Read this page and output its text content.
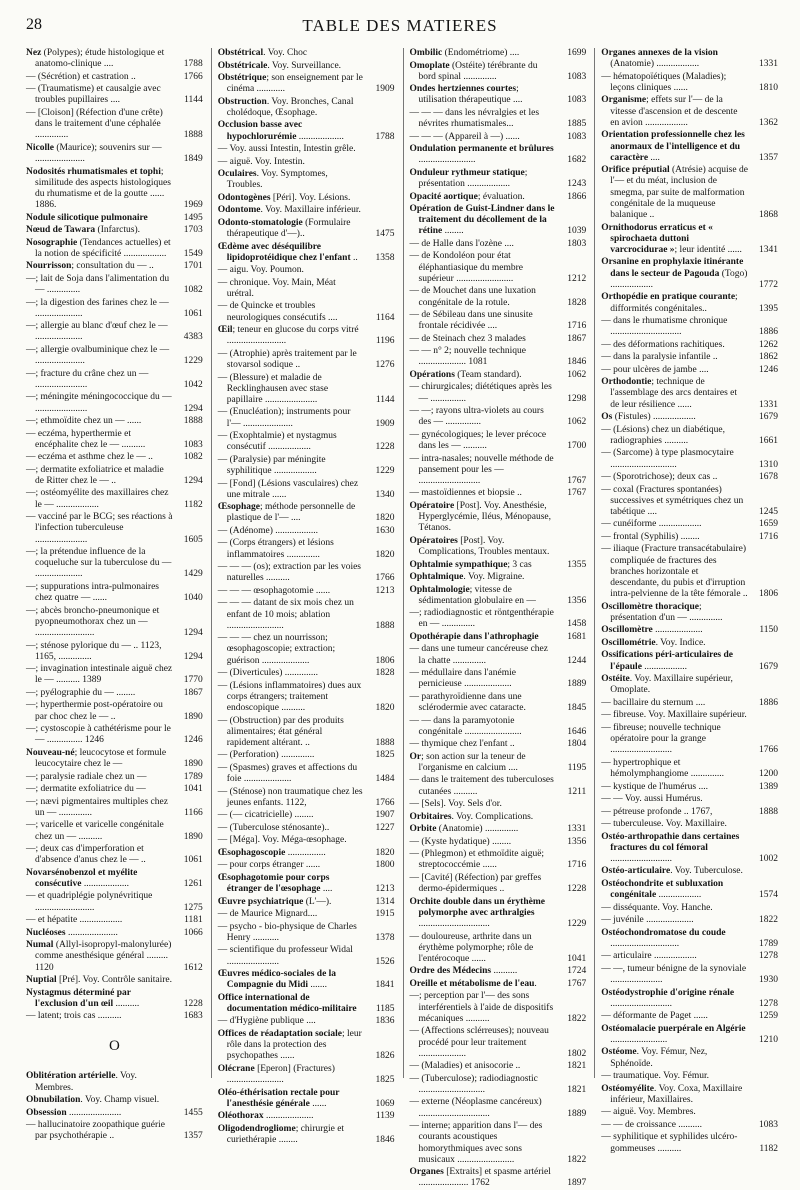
28	TABLE DES MATIERES
Nez (Polypes); étude histologique et anatomo-clinique ....	1788
— (Sécrétion) et castration ..	1766
— (Traumatisme) et causalgie avec troubles pupillaires ....	1144
— [Cloison] (Réfection d'une crête) dans le traitement d'une céphalée ..............	1888
Nicolle (Maurice); souvenirs sur — .....................	1849
Nodosités rhumatismales et tophi; similitude des aspects histologiques du rhumatisme et de la goutte ...... 1886.	1969
Nodule silicotique pulmonaire	1495
Nœud de Tawara (Infarctus).	1703
Nosographie (Tendances actuelles) et la notion de spécificité ..................	1549
Nourrisson; consultation du — ..	1701
—; lait de Soja dans l'alimentation du — ..............	1082
—; la digestion des farines chez le — ....................	1061
—; allergie au blanc d'œuf chez le — ....................	4383
—; allergie ovalbuminique chez le — .....................	1229
—; fracture du crâne chez un — ......................	1042
—; méningite méningococcique du — ......................	1294
—; ethmoïdite chez un — ......	1888
— eczéma, hyperthermie et encéphalite chez le — ..........	1083
— eczéma et asthme chez le — ..	1082
—; dermatite exfoliatrice et maladie de Ritter chez le — ..	1294
—; ostéomyélite des maxillaires chez le — ..................	1182
— vacciné par le BCG; ses réactions à l'infection tuberculeuse ......................	1605
—; la prétendue influence de la coqueluche sur la tuberculose du — ....................	1429
—; suppurations intra-pulmonaires chez quatre — ......	1040
—; abcès broncho-pneumonique et pyopneumothorax chez un — .........................	1294
—; sténose pylorique du — .. 1123, 1165, ..............	1294
—; invagination intestinale aiguë chez le — .......... 1389	1770
—; pyélographie du — ........	1867
—; hyperthermie post-opératoire ou par choc chez le — ..	1890
—; cystoscopie à cathétérisme pour le — ............... 1246	1246
Nouveau-né; leucocytose et formule leucocytaire chez le —	1890
—; paralysie radiale chez un —	1789
—; dermatite exfoliatrice du —	1041
—; nævi pigmentaires multiples chez un — ..............	1166
—; varicelle et varicelle congénitale chez un — ..........	1890
—; deux cas d'imperforation et d'absence d'anus chez le — ..	1061
Novarsénobenzol et myélite consécutive ...................	1261
— et quadriplégie polynévritique .........................	1275
— et hépatite ..................	1181
Nucléoses .....................	1066
Numal (Allyl-isopropyl-malonylurée) comme anesthésique général ......... 1120	1612
Nuptial [Pré]. Voy. Contrôle sanitaire.
Nystagmus déterminé par l'exclusion d'un œil ..........	1228
— latent; trois cas ..........	1683
O
Oblitération artérielle. Voy. Membres.
Obnubilation. Voy. Champ visuel.
Obsession ......................	1455
— hallucinatoire zoopathique guérie par psychothérapie ..	1357
Obstétrical. Voy. Choc
Obstétricale. Voy. Surveillance.
Obstétrique; son enseignement par le cinéma ............	1909
Obstruction. Voy. Bronches, Canal cholédoque, Œsophage.
Occlusion basse avec hypochlorurémie ...................	1788
— Voy. aussi Intestin, Intestin grêle.
— aiguë. Voy. Intestin.
Oculaires. Voy. Symptomes, Troubles.
Odontogènes [Péri]. Voy. Lésions.
Odontome. Voy. Maxillaire inférieur.
Odonto-stomatologie (Formulaire thérapeutique d'—)..	1475
Œdème avec déséquilibre lipidoprotéidique chez l'enfant ..	1358
— aigu. Voy. Poumon.
— chronique. Voy. Main, Méat urétral.
— de Quincke et troubles neurologiques consécutifs ....	1164
Œil; teneur en glucose du corps vitré .........................	1196
— (Atrophie) après traitement par le stovarsol sodique ..	1276
— (Blessure) et maladie de Recklinghausen avec stase papillaire ......................	1144
— (Enucléation); instruments pour l'— .....................	1909
— (Exophtalmie) et nystagmus consécutif ..................	1228
— (Paralysie) par méningite syphilitique ..................	1229
— [Fond] (Lésions vasculaires) chez une mitrale ......	1340
Œsophage; méthode personnelle de plastique de l'— ....	1820
— (Adénome) ..................	1630
— (Corps étrangers) et lésions inflammatoires ..............	1820
— — — (os); extraction par les voies naturelles ..........	1766
— — — œsophagotomie ......	1213
— — — datant de six mois chez un enfant de 10 mois; ablation ........................	1888
— — — chez un nourrisson; œsophagoscopie; extraction; guérison ....................	1806
— (Diverticules) ..............	1828
— (Lésions inflammatoires) dues aux corps étrangers; traitement endoscopique ..........	1820
— (Obstruction) par des produits alimentaires; état général rapidement altérant. ..	1888
— (Perforation) ..............	1825
— (Spasmes) graves et affections du foie ....................	1484
— (Sténose) non traumatique chez les jeunes enfants. 1122,	1766
— (— cicatricielle) ........	1907
— (Tuberculose sténosante)..	1227
— [Méga]. Voy. Méga-œsophage.
Œsophagoscopie ................	1820
— pour corps étranger ......	1800
Œsophagotomie pour corps étranger de l'œsophage ....	1213
Œuvre psychiatrique (L'—).	1314
— de Maurice Mignard....	1915
— psycho - bio-physique de Charles Henry ...........	1378
— scientifique du professeur Widal ......................	1526
Œuvres médico-sociales de la Compagnie du Midi .......	1841
Office international de documentation médico-militaire	1185
— d'Hygiène publique ....	1836
Offices de réadaptation sociale; leur rôle dans la protection des psychopathes ......	1826
Olécrane [Eperon] (Fractures) ........................	1825
Oléo-éthérisation rectale pour l'anesthésie générale ......	1069
Oléothorax ....................	1139
Oligodendrogliome; chirurgie et curiethérapie ........	1846
Ombilic (Endométriome) ....	1699
Omoplate (Ostéite) térébrante du bord spinal ..............	1083
Ondes hertziennes courtes; utilisation thérapeutique ....	1083
— — — dans les névralgies et les névrites rhumatismales...	1885
— — — (Appareil à —) ......	1083
Ondulation permanente et brûlures ........................	1682
Onduleur rythmeur statique; présentation ..................	1243
Opacité aortique; évaluation.	1866
Opération de Guist-Lindner dans le traitement du décollement de la rétine ........	1039
— de Halle dans l'ozène ....	1803
— de Kondoléon pour état éléphantiasique du membre supérieur ........................	1212
— de Mouchet dans une luxation congénitale de la rotule.	1828
— de Sébileau dans une sinusite frontale récidivée ....	1716
— de Steinach chez 3 malades	1867
— — n° 2; nouvelle technique .................... 1081	1846
Opérations (Team standard).	1062
— chirurgicales; diététiques après les — ...............	1298
— —; rayons ultra-violets au cours des — ...............	1062
— gynécologiques; le lever précoce dans les — ..........	1700
— intra-nasales; nouvelle méthode de pansement pour les — ..........................	1767
— mastoïdiennes et biopsie ..	1767
Opératoire [Post]. Voy. Anesthésie, Hyperglycémie, Iléus, Ménopause, Tétanos.
Opératoires [Post]. Voy. Complications, Troubles mentaux.
Ophtalmie sympathique; 3 cas	1355
Ophtalmique. Voy. Migraine.
Ophtalmologie; vitesse de sédimentation globulaire en —	1356
—; radiodiagnostic et röntgenthérapie en — ..............	1458
Opothérapie dans l'athrophagie	1681
— dans une tumeur cancéreuse chez la chatte ..............	1244
— médullaire dans l'anémie pernicieuse ....................	1889
— parathyroïdienne dans une sclérodermie avec cataracte.	1845
— — dans la paramyotonie congénitale ........................	1646
— thymique chez l'enfant ..	1804
Or; son action sur la teneur de l'organisme en calcium ....	1195
— dans le traitement des tuberculoses cutanées ..........	1211
— [Sels]. Voy. Sels d'or.
Orbitaires. Voy. Complications.
Orbite (Anatomie) ..............	1331
— (Kyste hydatique) ........	1356
— (Phlegmon) et ethmoïdite aiguë; streptococcémie ......	1716
— [Cavité] (Réfection) par greffes dermo-épidermiques ..	1228
Orchite double dans un érythème polymorphe avec arthralgies ..............................	1229
— douloureuse, arthrite dans un érythème polymorphe; rôle de l'entérocoque ......	1041
Ordre des Médecins ..........	1724
Oreille et métabolisme de l'eau.	1767
—; perception par l'— des sons interférentiels à l'aide de dispositifs mécaniques ..........	1822
— (Affections sclérreuses); nouveau procédé pour leur traitement ....................	1802
— (Maladies) et anisocorie ..	1821
— (Tuberculose); radiodiagnostic ............................	1821
— externe (Néoplasme cancéreux) ..............................	1889
— interne; apparition dans l'— des courants acoustiques homorythmiques avec sons musicaux ........................	1822
Organes [Extraits] et spasme artériel ..................... 1762	1897
Organes annexes de la vision (Anatomie) ..................	1331
— hématopoïétiques (Maladies); leçons cliniques ......	1810
Organisme; effets sur l'— de la vitesse d'ascension et de descente en avion ..................	1362
Orientation professionnelle chez les anormaux de l'intelligence et du caractère ....	1357
Orifice préputial (Atrésie) acquise de l'— et du méat, inclusion de smegma, par suite de malformation congénitale de la muqueuse balanique ..	1868
Ornithodorus erraticus et « spirochaeta duttoni varcrocidurae »; leur identité ......	1341
Orsanine en prophylaxie itinérante dans le secteur de Pagouda (Togo) ..................	1772
Orthopédie en pratique courante; difformités congénitales..	1395
— dans le rhumatisme chronique ..............................	1886
— des déformations rachitiques.	1262
— dans la paralysie infantile ..	1862
— pour ulcères de jambe ....	1246
Orthodontie; technique de l'assemblage des arcs dentaires et de leur résilience ......	1331
Os (Fistules) ..................	1679
— (Lésions) chez un diabétique, radiographies ..........	1661
— (Sarcome) à type plasmocytaire ............................	1310
— (Sporotrichose); deux cas ..	1678
— coxal (Fractures spontanées) successives et symétriques chez un tabétique ....	1245
— cunéiforme ..................	1659
— frontal (Syphilis) ........	1716
— iliaque (Fracture transacétabulaire) compliquée de fractures des branches horizontale et descendante, du pubis et d'irruption intra-pelvienne de la tête fémorale ..	1806
Oscillomètre thoracique; présentation d'un — ..............
Oscillomètre ....................	1150
Oscillométrie. Voy. Indice.
Ossifications péri-articulaires de l'épaule ..................	1679
Ostéite. Voy. Maxillaire supérieur, Omoplate.
— bacillaire du sternum ....	1886
— fibreuse. Voy. Maxillaire supérieur.
— fibreuse; nouvelle technique opératoire pour la grange ..........................	1766
— hypertrophique et hémolymphangiome ..............	1200
— kystique de l'humérus ....	1389
— — Voy. aussi Humérus.
— pétreuse profonde .. 1767,	1888
— tuberculeuse. Voy. Maxillaire.
Ostéo-arthropathie dans certaines fractures du col fémoral ..........................	1002
Ostéo-articulaire. Voy. Tuberculose.
Ostéochondrite et subluxation congénitale ..................	1574
— disséquante. Voy. Hanche.
— juvénile ....................	1822
Ostéochondromatose du coude .............................	1789
— articulaire ..................	1278
— —, tumeur bénigne de la synoviale ......................	1930
Ostéodystrophie d'origine rénale ..........................	1278
— déformante de Paget ......	1259
Ostéomalacie puerpérale en Algérie ........................	1210
Ostéome. Voy. Fémur, Nez, Sphénoïde.
— traumatique. Voy. Fémur.
Ostéomyélite. Voy. Coxa, Maxillaire inférieur, Maxillaires.
— aiguë. Voy. Membres.
— — de croissance ..........	1083
— syphilitique et syphilides ulcéro-gommeuses ..........	1182
